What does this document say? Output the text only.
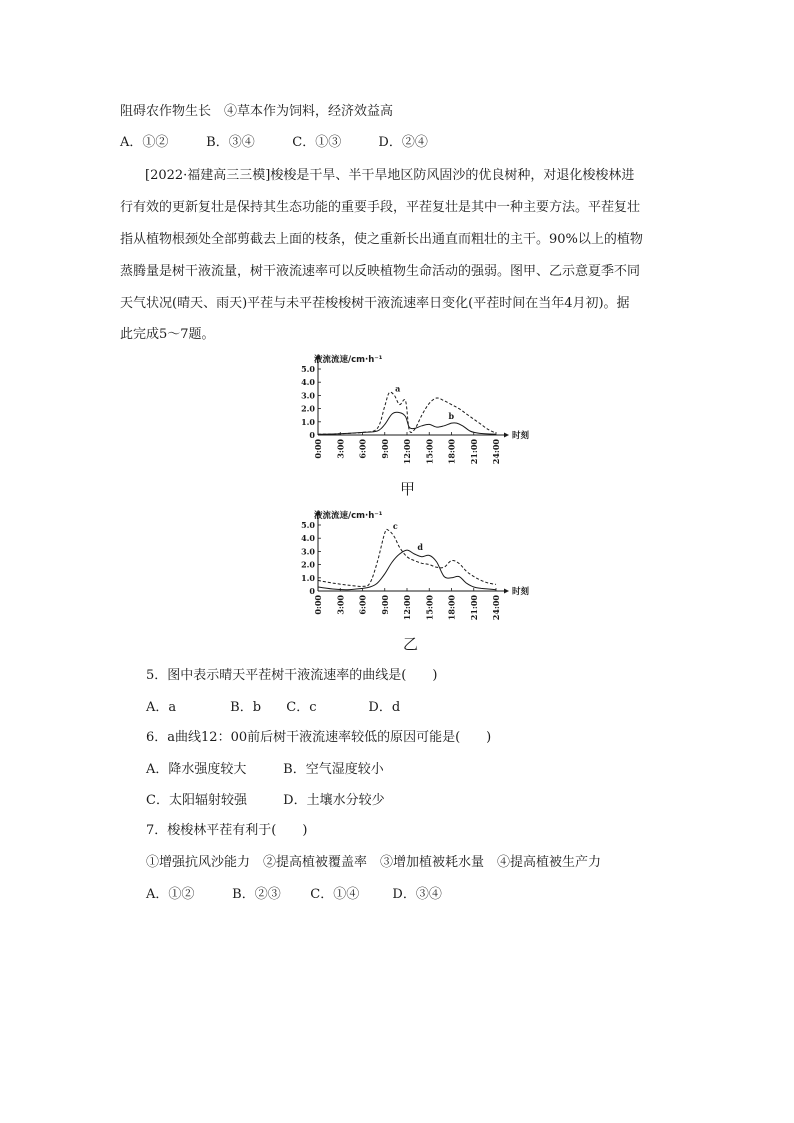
阻碍农作物生长　④草本作为饲料，经济效益高
A．①②	B．③④	C．①③	D．②④
[2022·福建高三三模]梭梭是干旱、半干旱地区防风固沙的优良树种，对退化梭梭林进
行有效的更新复壮是保持其生态功能的重要手段，平茬复壮是其中一种主要方法。平茬复壮
指从植物根颈处全部剪截去上面的枝条，使之重新长出通直而粗壮的主干。90%以上的植物
蒸腾量是树干液流量，树干液流速率可以反映植物生命活动的强弱。图甲、乙示意夏季不同
天气状况(晴天、雨天)平茬与未平茬梭梭树干液流速率日变化(平茬时间在当年4月初)。据
此完成5～7题。
5.0
4.0
3.0
2.0
1.0
0
0:00 3:00 6:00 9:00 12:00 15:00 18:00 21:00 24:00
液流流速/cm·h⁻¹
时刻
a
b
甲
5.0
4.0
3.0
2.0
1.0
0
0:00 3:00 6:00 9:00 12:00 15:00 18:00 21:00 24:00
液流流速/cm·h⁻¹
时刻
c
d
乙
5．图中表示晴天平茬树干液流速率的曲线是(　　)
A．a	B．b C．c	D．d
6．a曲线12：00前后树干液流速率较低的原因可能是(　　)
A．降水强度较大	B．空气湿度较小
C．太阳辐射较强	D．土壤水分较少
7．梭梭林平茬有利于(　　)
①增强抗风沙能力　②提高植被覆盖率　③增加植被耗水量　④提高植被生产力
A．①②	B．②③ C．①④	D．③④
